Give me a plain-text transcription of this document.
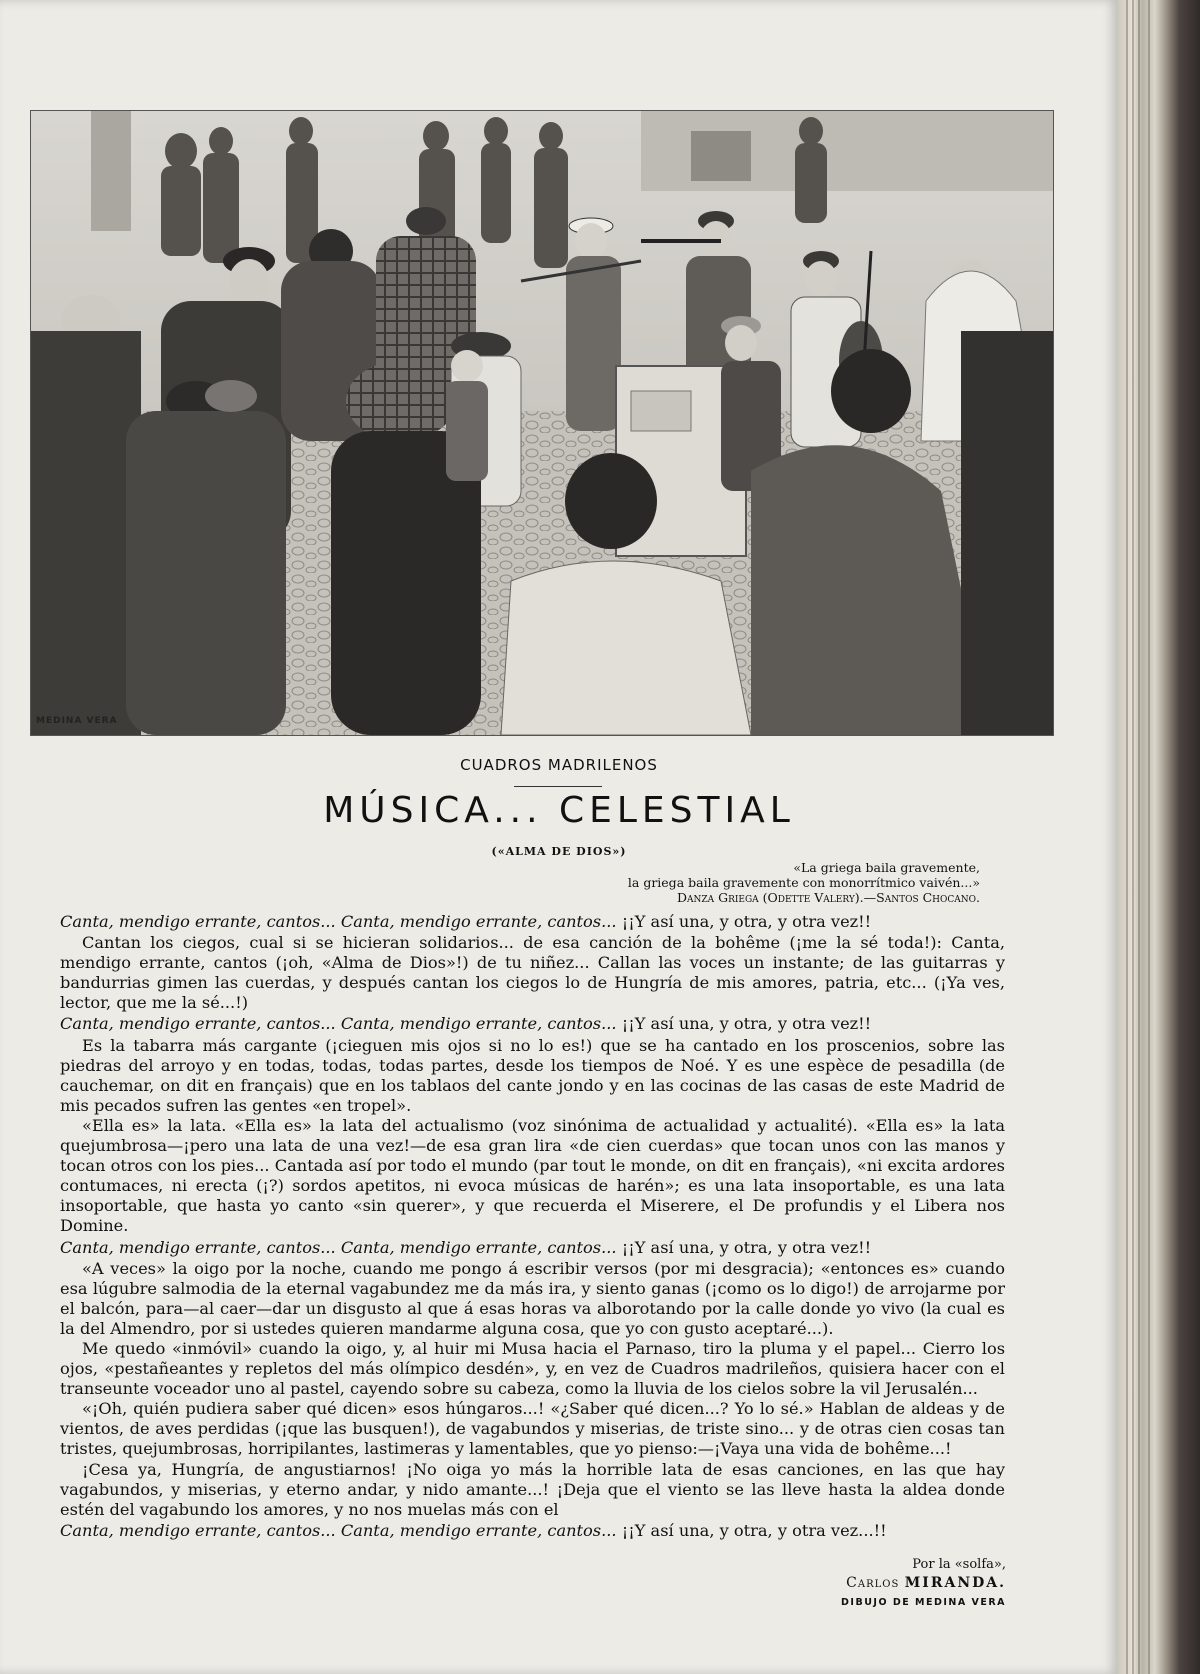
MEDINA VERA
CUADROS MADRILENOS
MÚSICA... CELESTIAL
(«ALMA DE DIOS»)
«La griega baila gravemente,
la griega baila gravemente con monorrítmico vaivén...»
Danza Griega (Odette Valery).—Santos Chocano.

Canta, mendigo errante, cantos... Canta, mendigo errante, cantos... ¡¡Y así una, y otra, y otra vez!!

Cantan los ciegos, cual si se hicieran solidarios... de esa canción de la bohême (¡me la sé toda!): Canta, mendigo errante, cantos (¡oh, «Alma de Dios»!) de tu niñez... Callan las voces un instante; de las guitarras y bandurrias gimen las cuerdas, y después cantan los ciegos lo de Hungría de mis amores, patria, etc... (¡Ya ves, lector, que me la sé...!)

Canta, mendigo errante, cantos... Canta, mendigo errante, cantos... ¡¡Y así una, y otra, y otra vez!!

Es la tabarra más cargante (¡cieguen mis ojos si no lo es!) que se ha cantado en los proscenios, sobre las piedras del arroyo y en todas, todas, todas partes, desde los tiempos de Noé. Y es une espèce de pesadilla (de cauchemar, on dit en français) que en los tablaos del cante jondo y en las cocinas de las casas de este Madrid de mis pecados sufren las gentes «en tropel».

«Ella es» la lata. «Ella es» la lata del actualismo (voz sinónima de actualidad y actualité). «Ella es» la lata quejumbrosa—¡pero una lata de una vez!—de esa gran lira «de cien cuerdas» que tocan unos con las manos y tocan otros con los pies... Cantada así por todo el mundo (par tout le monde, on dit en français), «ni excita ardores contumaces, ni erecta (¡?) sordos apetitos, ni evoca músicas de harén»; es una lata insoportable, es una lata insoportable, que hasta yo canto «sin querer», y que recuerda el Miserere, el De profundis y el Libera nos Domine.

Canta, mendigo errante, cantos... Canta, mendigo errante, cantos... ¡¡Y así una, y otra, y otra vez!!

«A veces» la oigo por la noche, cuando me pongo á escribir versos (por mi desgracia); «entonces es» cuando esa lúgubre salmodia de la eternal vagabundez me da más ira, y siento ganas (¡como os lo digo!) de arrojarme por el balcón, para—al caer—dar un disgusto al que á esas horas va alborotando por la calle donde yo vivo (la cual es la del Almendro, por si ustedes quieren mandarme alguna cosa, que yo con gusto aceptaré...).

Me quedo «inmóvil» cuando la oigo, y, al huir mi Musa hacia el Parnaso, tiro la pluma y el papel... Cierro los ojos, «pestañeantes y repletos del más olímpico desdén», y, en vez de Cuadros madrileños, quisiera hacer con el transeunte voceador uno al pastel, cayendo sobre su cabeza, como la lluvia de los cielos sobre la vil Jerusalén...

«¡Oh, quién pudiera saber qué dicen» esos húngaros...! «¿Saber qué dicen...? Yo lo sé.» Hablan de aldeas y de vientos, de aves perdidas (¡que las busquen!), de vagabundos y miserias, de triste sino... y de otras cien cosas tan tristes, quejumbrosas, horripilantes, lastimeras y lamentables, que yo pienso:—¡Vaya una vida de bohême...!

¡Cesa ya, Hungría, de angustiarnos! ¡No oiga yo más la horrible lata de esas canciones, en las que hay vagabundos, y miserias, y eterno andar, y nido amante...! ¡Deja que el viento se las lleve hasta la aldea donde estén del vagabundo los amores, y no nos muelas más con el

Canta, mendigo errante, cantos... Canta, mendigo errante, cantos... ¡¡Y así una, y otra, y otra vez...!!

Por la «solfa»,
Carlos MIRANDA.
DIBUJO DE MEDINA VERA
